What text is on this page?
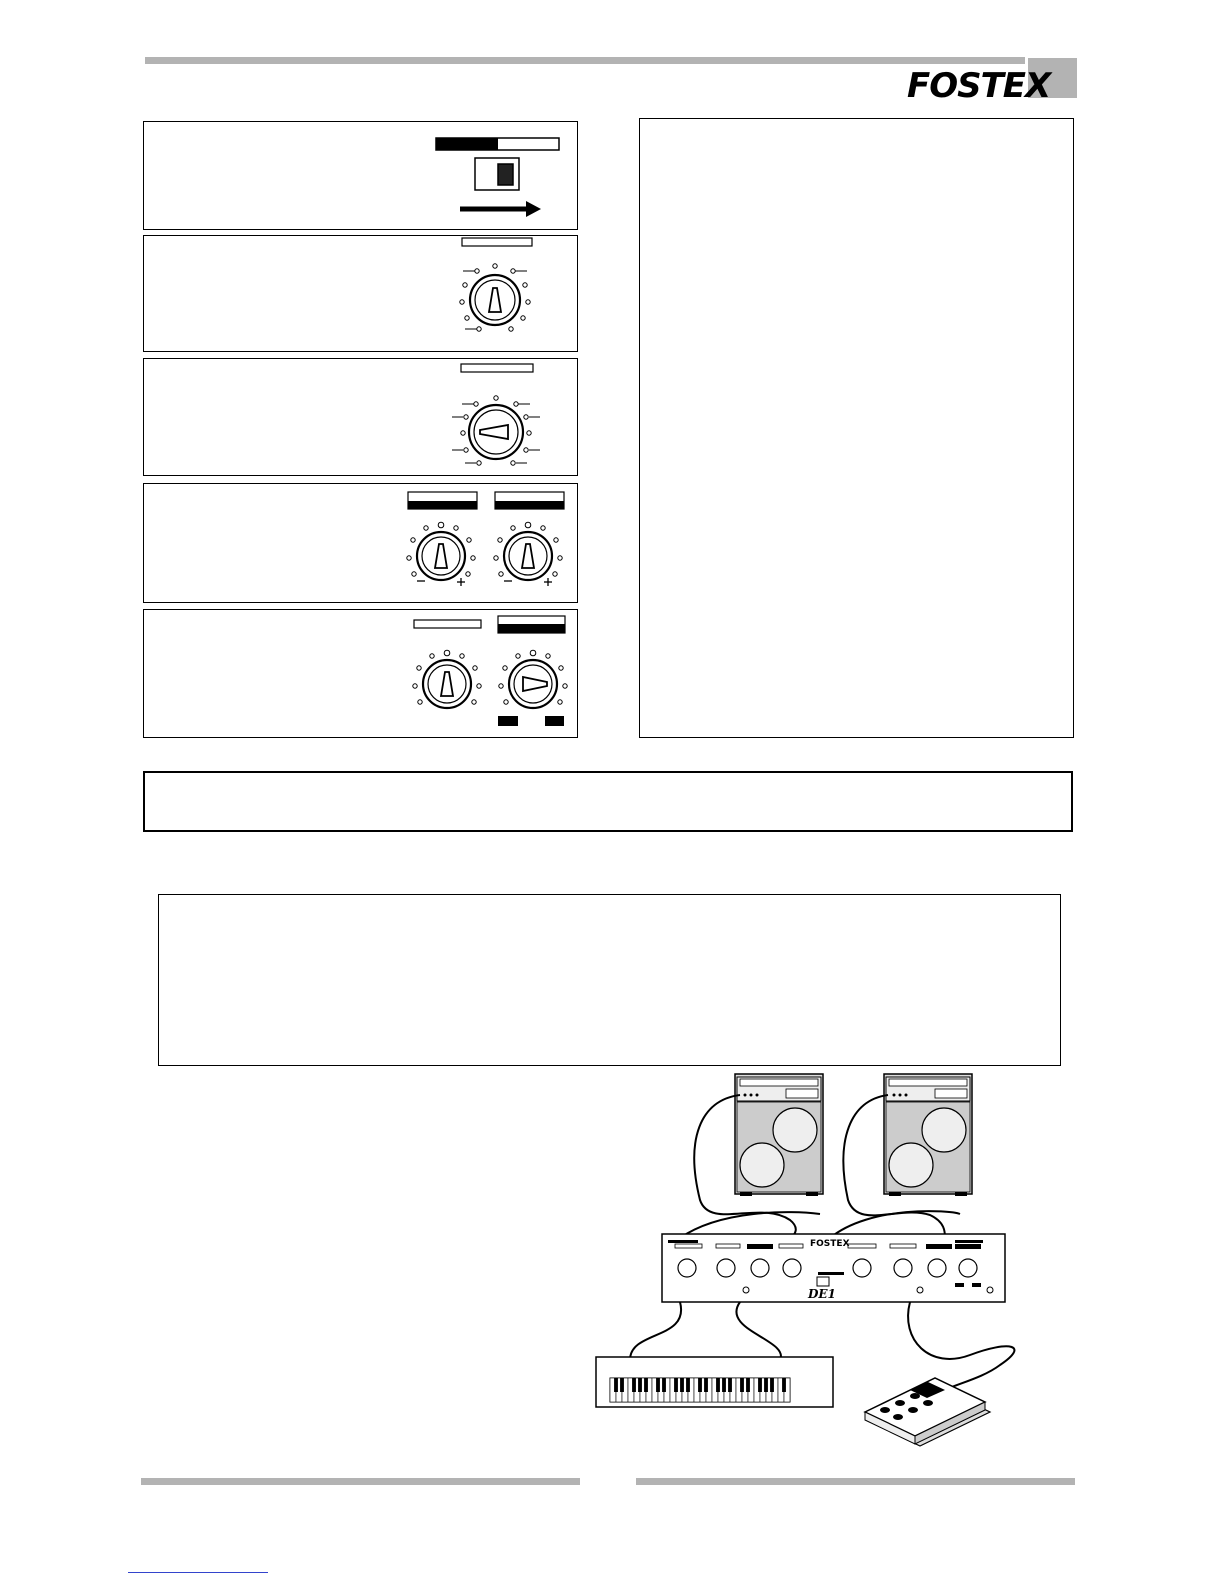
FOSTEX
FOSTEX
DE1
